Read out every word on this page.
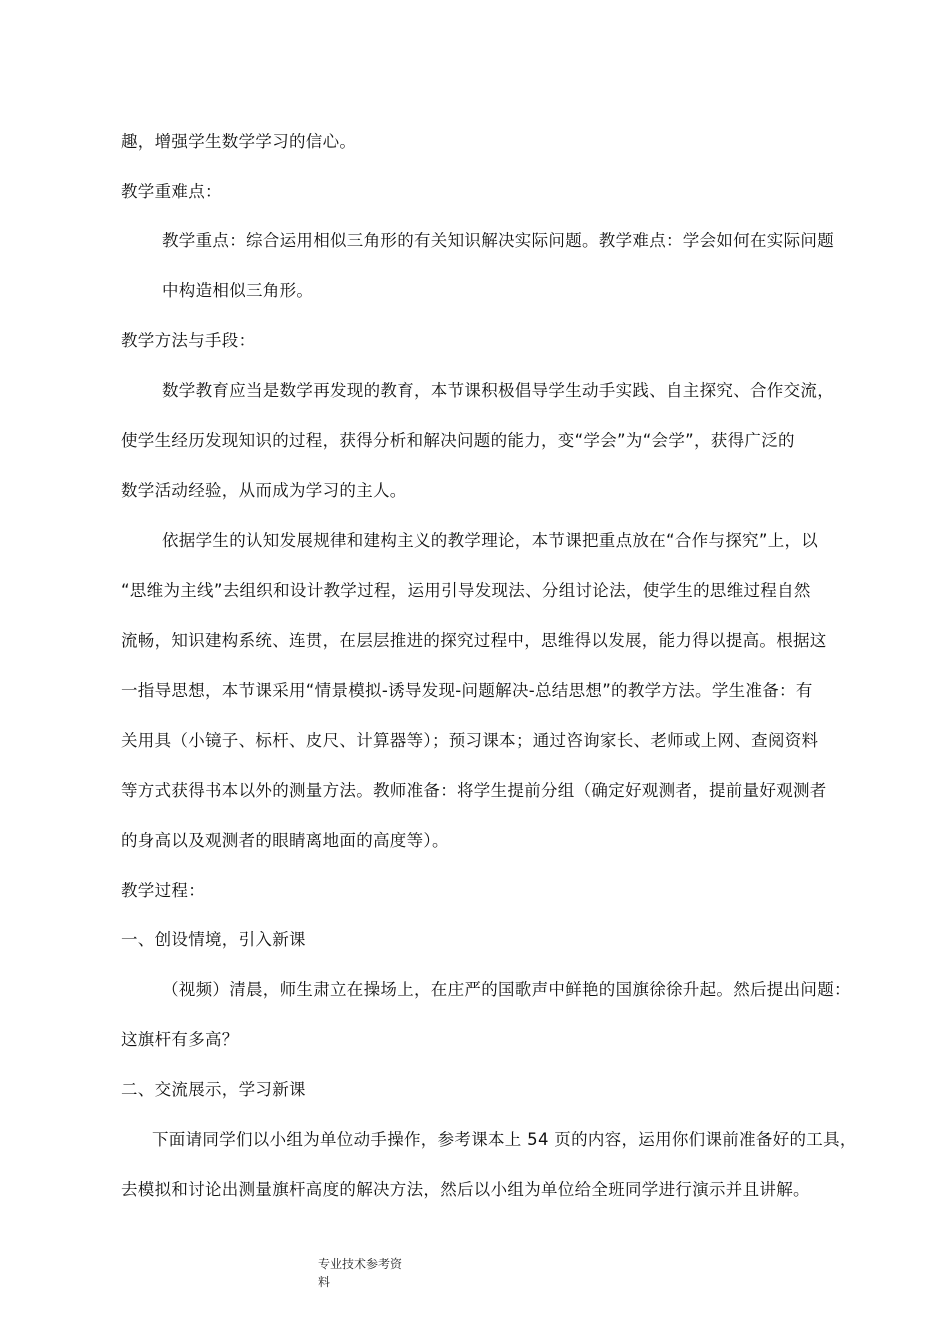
趣，增强学生数学学习的信心。
教学重难点：
教学重点：综合运用相似三角形的有关知识解决实际问题。教学难点：学会如何在实际问题
中构造相似三角形。
教学方法与手段：
数学教育应当是数学再发现的教育，本节课积极倡导学生动手实践、自主探究、合作交流，
使学生经历发现知识的过程，获得分析和解决问题的能力，变“学会”为“会学”，获得广泛的
数学活动经验，从而成为学习的主人。
依据学生的认知发展规律和建构主义的教学理论，本节课把重点放在“合作与探究”上，以
“思维为主线”去组织和设计教学过程，运用引导发现法、分组讨论法，使学生的思维过程自然
流畅，知识建构系统、连贯，在层层推进的探究过程中，思维得以发展，能力得以提高。根据这
一指导思想，本节课采用“情景模拟-诱导发现-问题解决-总结思想”的教学方法。学生准备：有
关用具（小镜子、标杆、皮尺、计算器等）；预习课本；通过咨询家长、老师或上网、查阅资料
等方式获得书本以外的测量方法。教师准备：将学生提前分组（确定好观测者，提前量好观测者
的身高以及观测者的眼睛离地面的高度等）。
教学过程：
一、创设情境，引入新课
（视频）清晨，师生肃立在操场上，在庄严的国歌声中鲜艳的国旗徐徐升起。然后提出问题：
这旗杆有多高？
二、交流展示，学习新课
下面请同学们以小组为单位动手操作，参考课本上 54 页的内容，运用你们课前准备好的工具，
去模拟和讨论出测量旗杆高度的解决方法，然后以小组为单位给全班同学进行演示并且讲解。
专业技术参考资
料
